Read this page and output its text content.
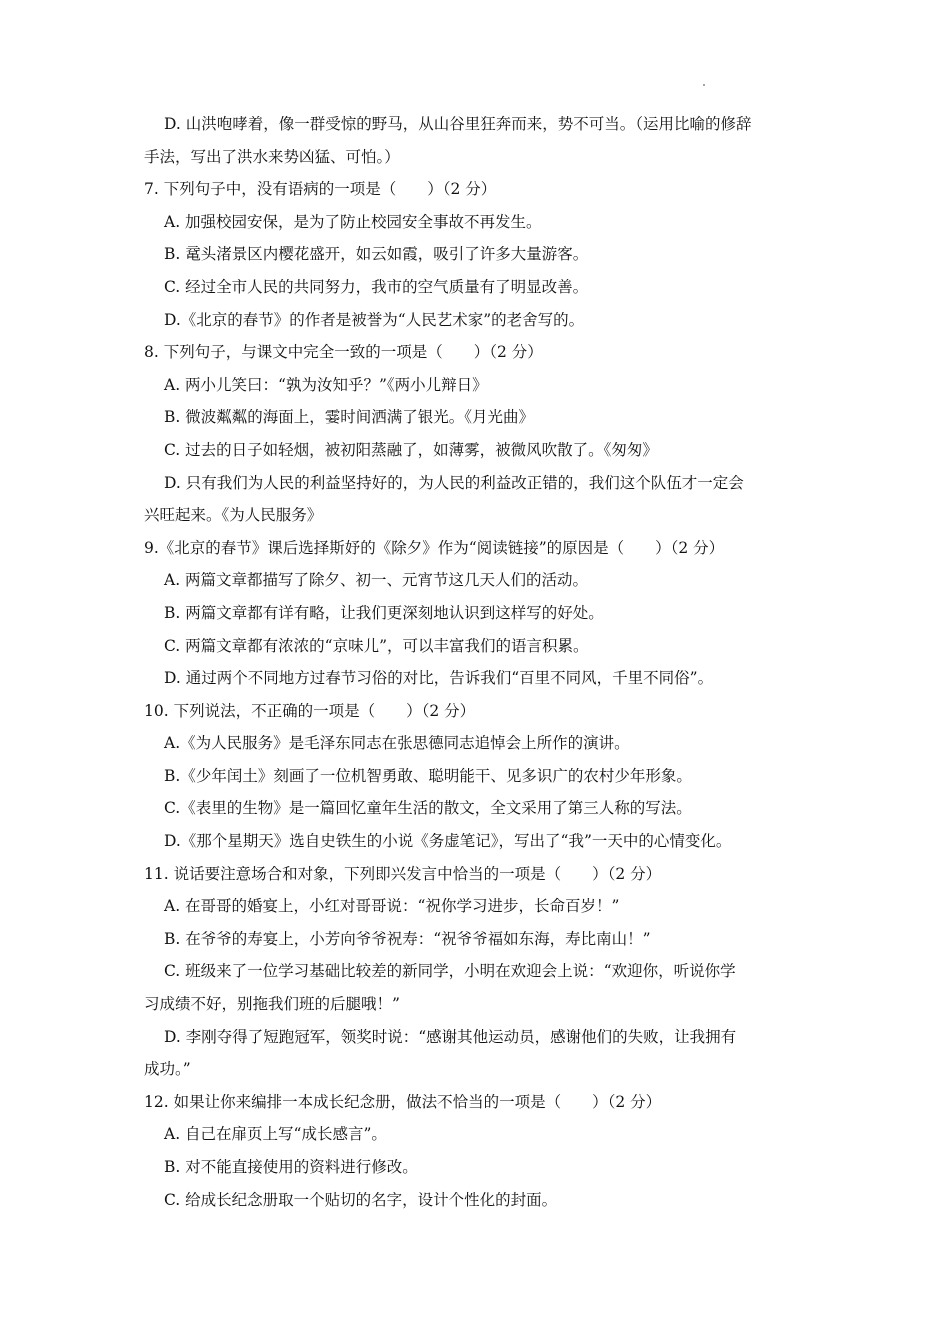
D. 山洪咆哮着，像一群受惊的野马，从山谷里狂奔而来，势不可当。（运用比喻的修辞
手法，写出了洪水来势凶猛、可怕。）
7. 下列句子中，没有语病的一项是（　　）（2 分）
A. 加强校园安保，是为了防止校园安全事故不再发生。
B. 鼋头渚景区内樱花盛开，如云如霞，吸引了许多大量游客。
C. 经过全市人民的共同努力，我市的空气质量有了明显改善。
D.《北京的春节》的作者是被誉为“人民艺术家”的老舍写的。
8. 下列句子，与课文中完全一致的一项是（　　）（2 分）
A. 两小儿笑曰：“孰为汝知乎？”《两小儿辩日》
B. 微波粼粼的海面上，霎时间洒满了银光。《月光曲》
C. 过去的日子如轻烟，被初阳蒸融了，如薄雾，被微风吹散了。《匆匆》
D. 只有我们为人民的利益坚持好的，为人民的利益改正错的，我们这个队伍才一定会
兴旺起来。《为人民服务》
9.《北京的春节》课后选择斯妤的《除夕》作为“阅读链接”的原因是（　　）（2 分）
A. 两篇文章都描写了除夕、初一、元宵节这几天人们的活动。
B. 两篇文章都有详有略，让我们更深刻地认识到这样写的好处。
C. 两篇文章都有浓浓的“京味儿”，可以丰富我们的语言积累。
D. 通过两个不同地方过春节习俗的对比，告诉我们“百里不同风，千里不同俗”。
10. 下列说法，不正确的一项是（　　）（2 分）
A.《为人民服务》是毛泽东同志在张思德同志追悼会上所作的演讲。
B.《少年闰土》刻画了一位机智勇敢、聪明能干、见多识广的农村少年形象。
C.《表里的生物》是一篇回忆童年生活的散文，全文采用了第三人称的写法。
D.《那个星期天》选自史铁生的小说《务虚笔记》，写出了“我”一天中的心情变化。
11. 说话要注意场合和对象，下列即兴发言中恰当的一项是（　　）（2 分）
A. 在哥哥的婚宴上，小红对哥哥说：“祝你学习进步，长命百岁！”
B. 在爷爷的寿宴上，小芳向爷爷祝寿：“祝爷爷福如东海，寿比南山！”
C. 班级来了一位学习基础比较差的新同学，小明在欢迎会上说：“欢迎你，听说你学
习成绩不好，别拖我们班的后腿哦！”
D. 李刚夺得了短跑冠军，领奖时说：“感谢其他运动员，感谢他们的失败，让我拥有
成功。”
12. 如果让你来编排一本成长纪念册，做法不恰当的一项是（　　）（2 分）
A. 自己在扉页上写“成长感言”。
B. 对不能直接使用的资料进行修改。
C. 给成长纪念册取一个贴切的名字，设计个性化的封面。
